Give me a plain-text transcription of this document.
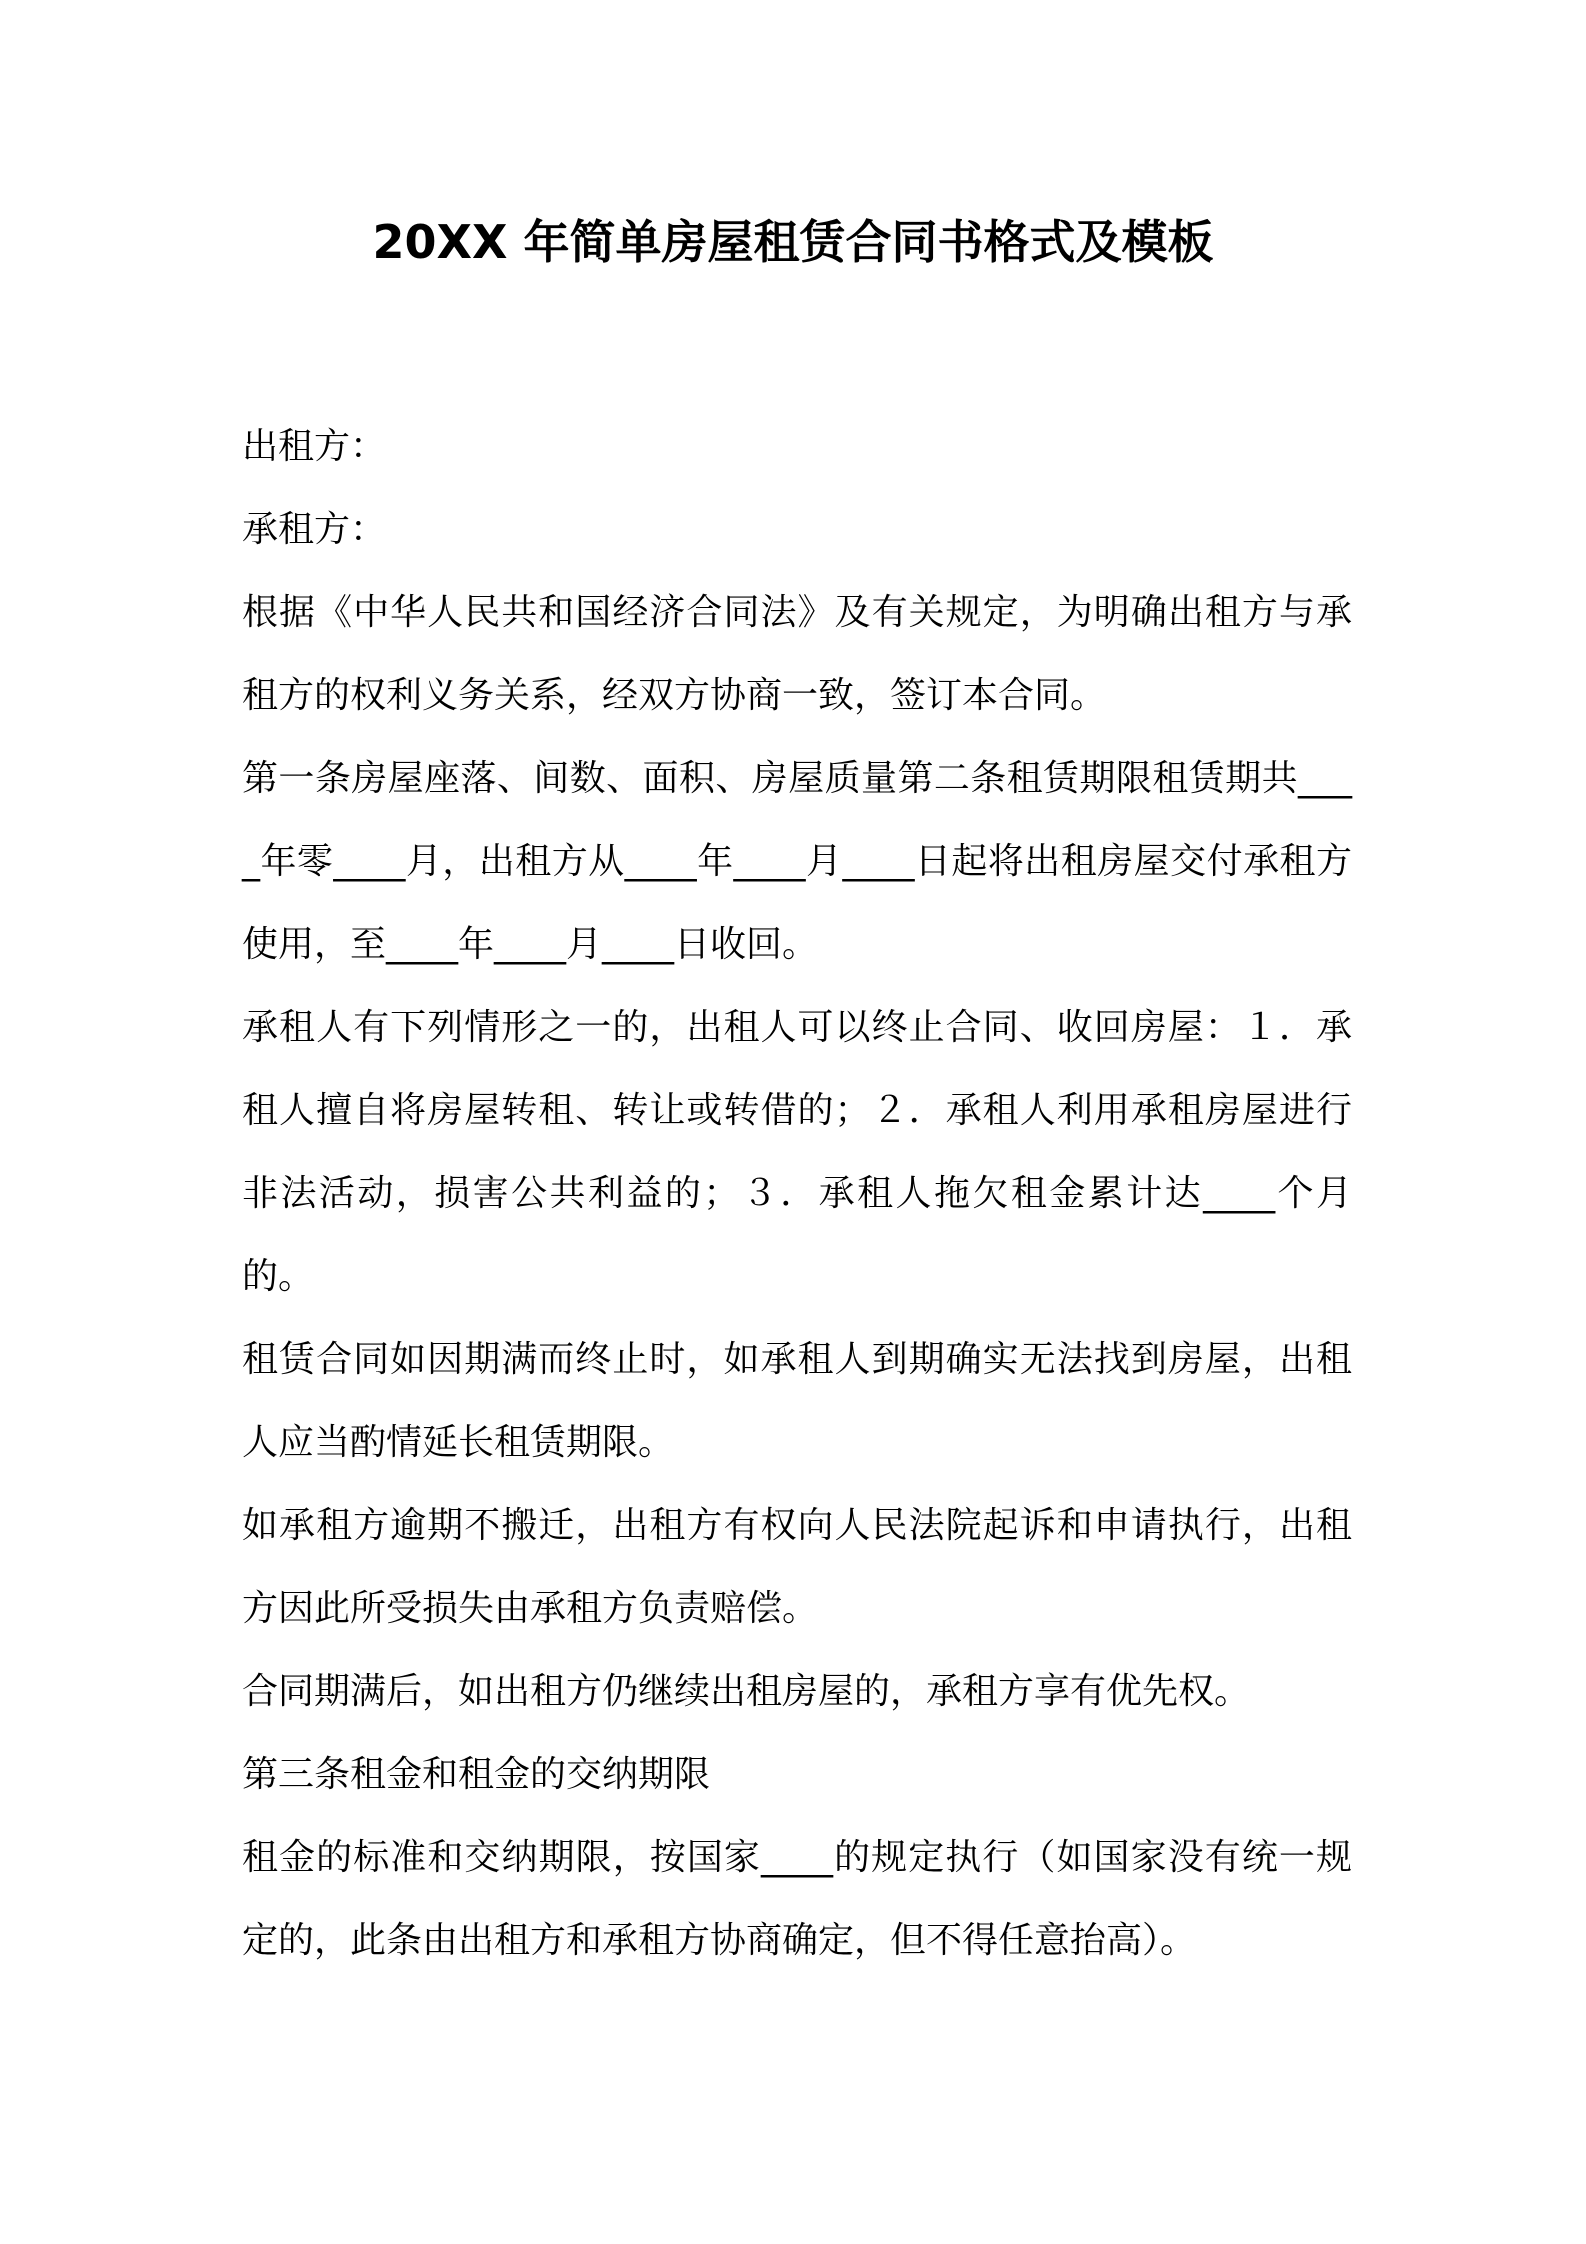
20XX 年简单房屋租赁合同书格式及模板

出租方：

承租方：

根据《中华人民共和国经济合同法》及有关规定，为明确出租方与承租方的权利义务关系，经双方协商一致，签订本合同。

第一条房屋座落、间数、面积、房屋质量第二条租赁期限租赁期共____年零____月，出租方从____年____月____日起将出租房屋交付承租方使用，至____年____月____日收回。

承租人有下列情形之一的，出租人可以终止合同、收回房屋：１．承租人擅自将房屋转租、转让或转借的；２．承租人利用承租房屋进行非法活动，损害公共利益的；３．承租人拖欠租金累计达____个月的。

租赁合同如因期满而终止时，如承租人到期确实无法找到房屋，出租人应当酌情延长租赁期限。

如承租方逾期不搬迁，出租方有权向人民法院起诉和申请执行，出租方因此所受损失由承租方负责赔偿。

合同期满后，如出租方仍继续出租房屋的，承租方享有优先权。

第三条租金和租金的交纳期限

租金的标准和交纳期限，按国家____的规定执行（如国家没有统一规定的，此条由出租方和承租方协商确定，但不得任意抬高）。
